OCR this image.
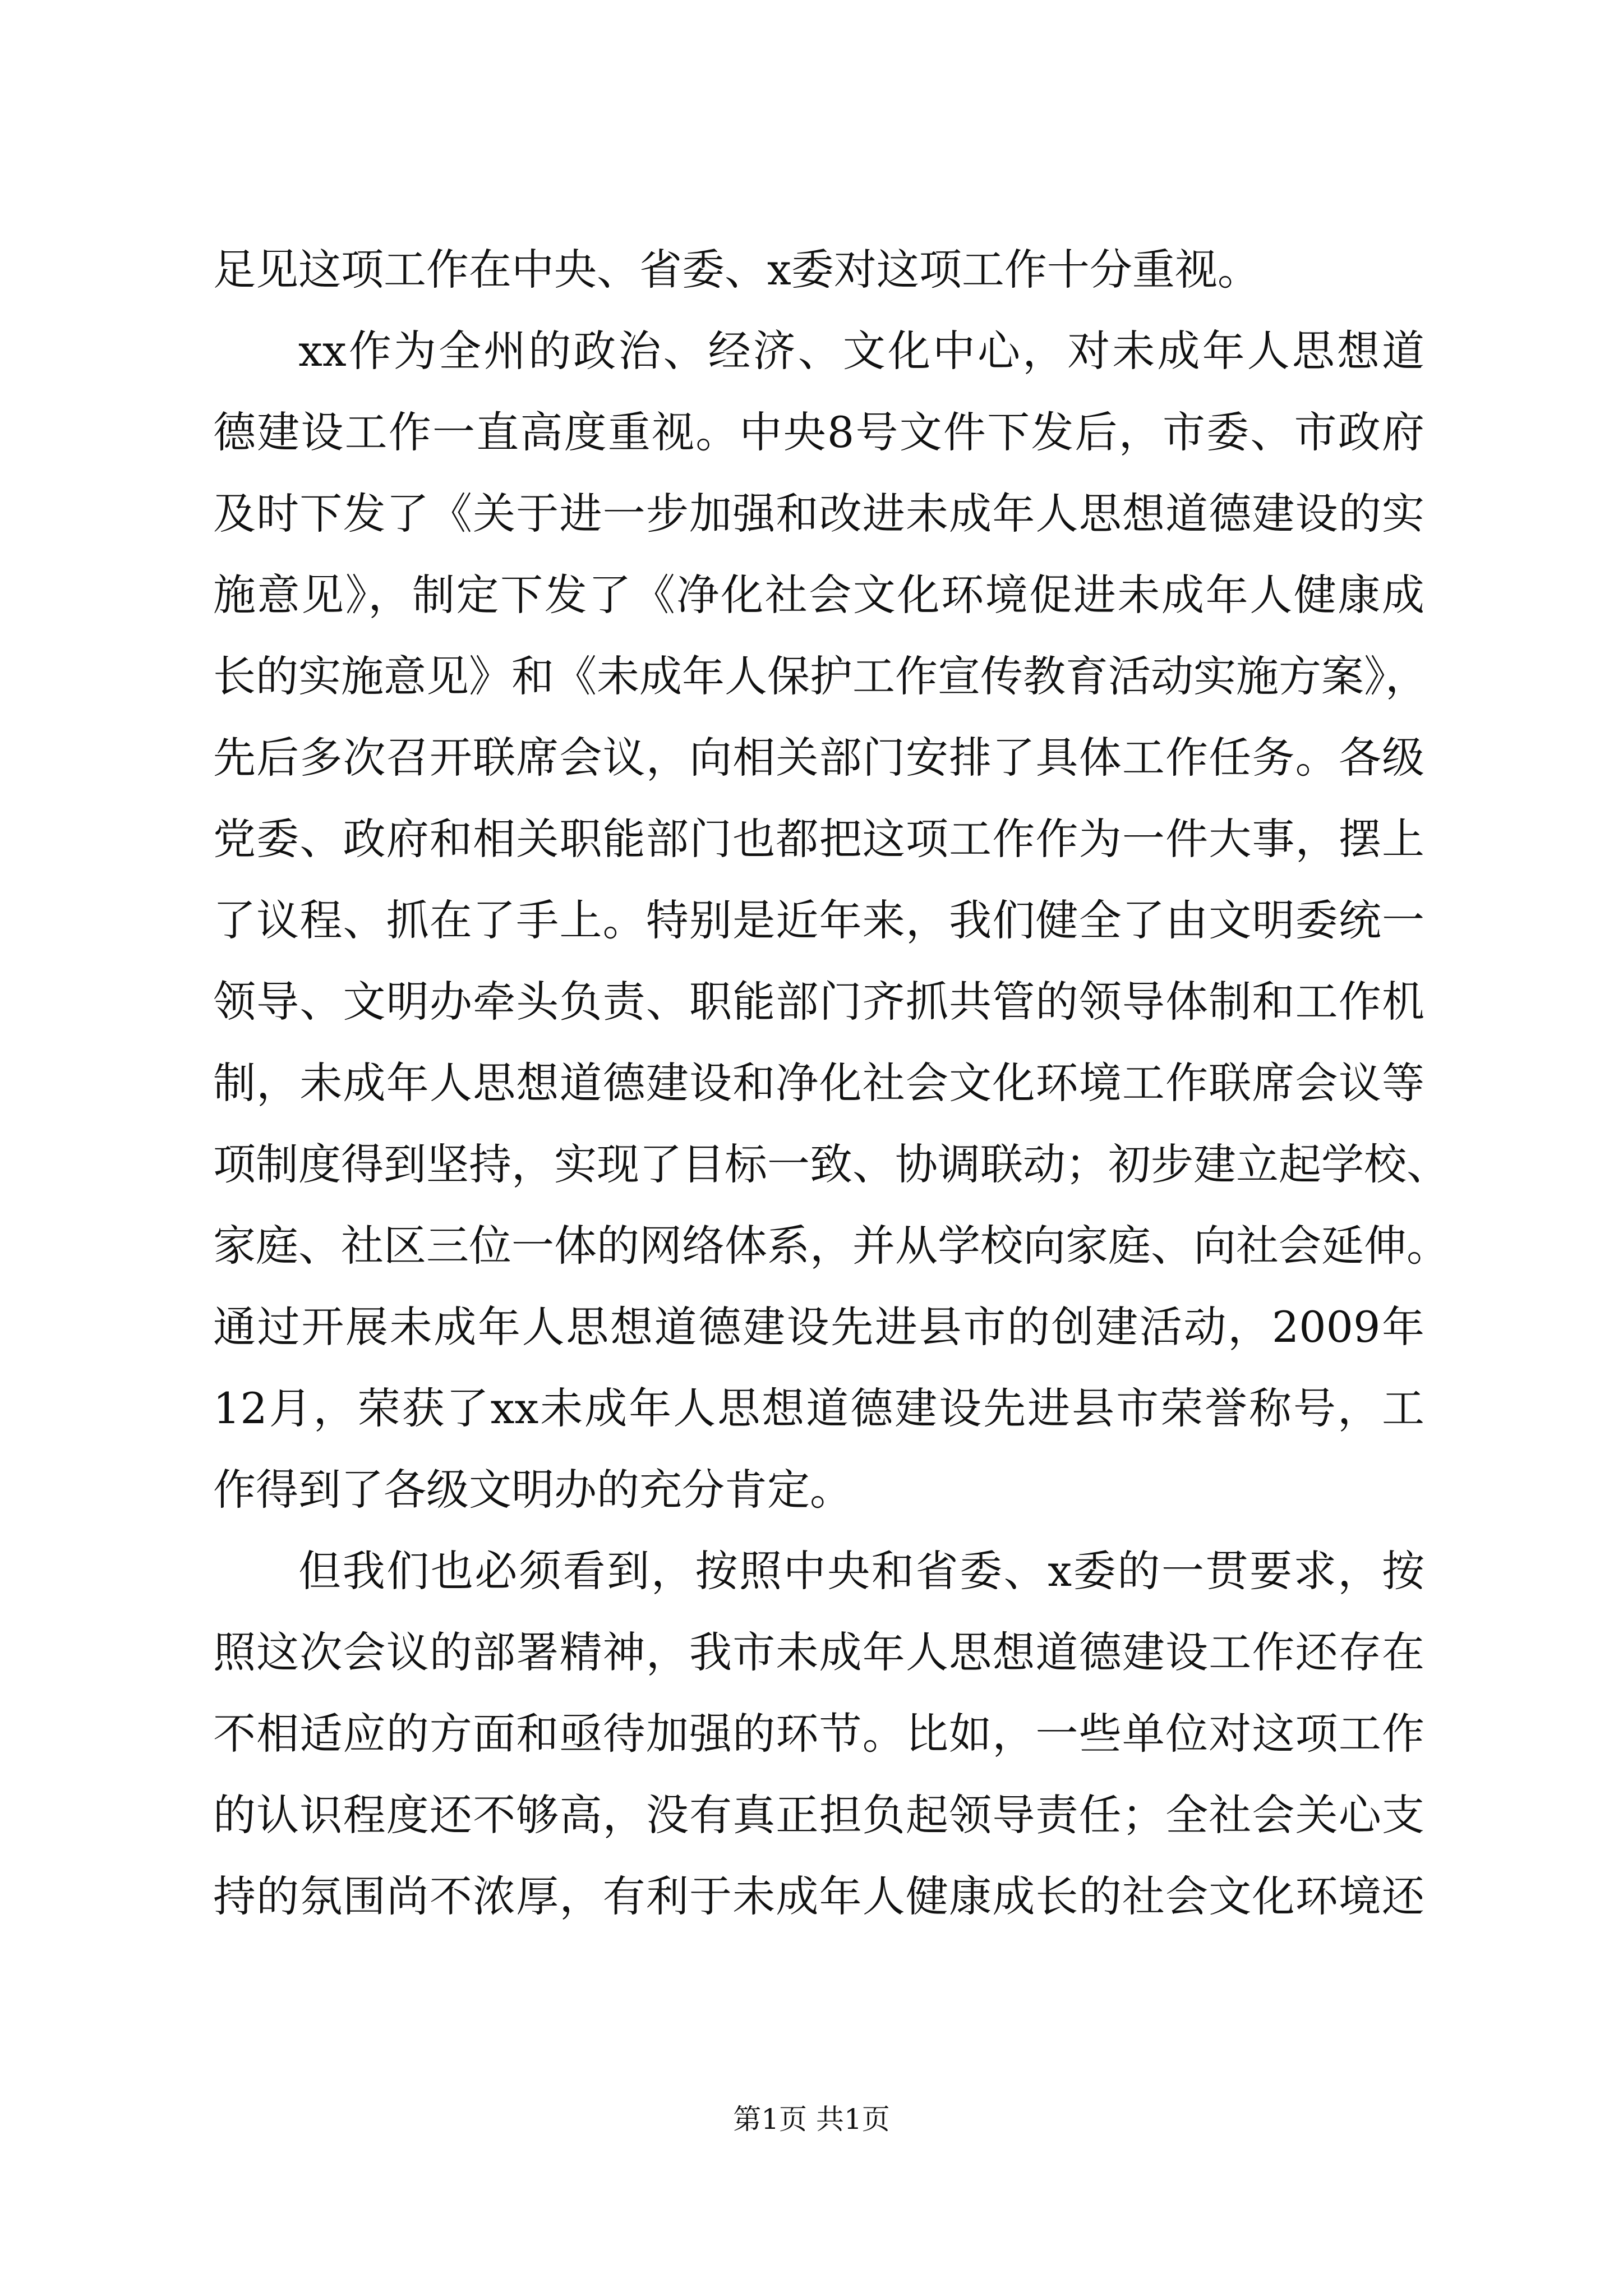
足见这项工作在中央、省委、x委对这项工作十分重视。
xx作为全州的政治、经济、文化中心，对未成年人思想道
德建设工作一直高度重视。中央8号文件下发后，市委、市政府
及时下发了《关于进一步加强和改进未成年人思想道德建设的实
施意见》，制定下发了《净化社会文化环境促进未成年人健康成
长的实施意见》和《未成年人保护工作宣传教育活动实施方案》，
先后多次召开联席会议，向相关部门安排了具体工作任务。各级
党委、政府和相关职能部门也都把这项工作作为一件大事，摆上
了议程、抓在了手上。特别是近年来，我们健全了由文明委统一
领导、文明办牵头负责、职能部门齐抓共管的领导体制和工作机
制，未成年人思想道德建设和净化社会文化环境工作联席会议等
项制度得到坚持，实现了目标一致、协调联动；初步建立起学校、
家庭、社区三位一体的网络体系，并从学校向家庭、向社会延伸。
通过开展未成年人思想道德建设先进县市的创建活动，2009年
12月，荣获了xx未成年人思想道德建设先进县市荣誉称号，工
作得到了各级文明办的充分肯定。
但我们也必须看到，按照中央和省委、x委的一贯要求，按
照这次会议的部署精神，我市未成年人思想道德建设工作还存在
不相适应的方面和亟待加强的环节。比如，一些单位对这项工作
的认识程度还不够高，没有真正担负起领导责任；全社会关心支
持的氛围尚不浓厚，有利于未成年人健康成长的社会文化环境还
第1页 共1页
